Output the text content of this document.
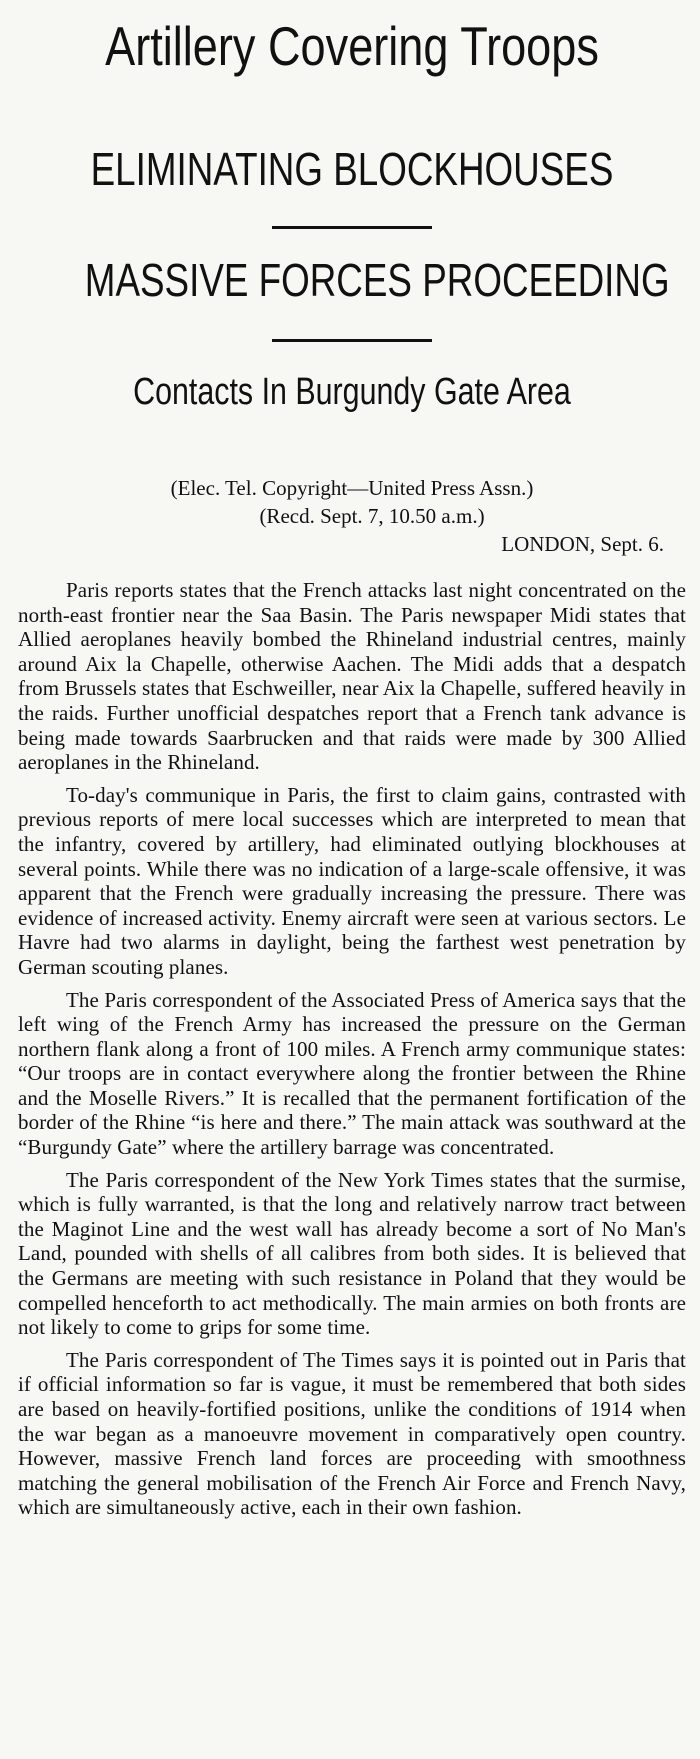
Artillery Covering Troops
ELIMINATING BLOCKHOUSES
MASSIVE FORCES PROCEEDING
Contacts In Burgundy Gate Area

(Elec. Tel. Copyright—United Press Assn.)

(Recd. Sept. 7, 10.50 a.m.)

LONDON, Sept. 6.

Paris reports states that the French attacks last night concentrated on the north-east frontier near the Saa Basin. The Paris newspaper Midi states that Allied aeroplanes heavily bombed the Rhineland industrial centres, mainly around Aix la Chapelle, otherwise Aachen. The Midi adds that a despatch from Brussels states that Eschweiller, near Aix la Chapelle, suffered heavily in the raids. Further unofficial despatches report that a French tank advance is being made towards Saarbrucken and that raids were made by 300 Allied aeroplanes in the Rhineland.

To-day's communique in Paris, the first to claim gains, contrasted with previous reports of mere local successes which are interpreted to mean that the infantry, covered by artillery, had eliminated outlying blockhouses at several points. While there was no indication of a large-scale offensive, it was apparent that the French were gradually increasing the pressure. There was evidence of increased activity. Enemy aircraft were seen at various sectors. Le Havre had two alarms in daylight, being the farthest west penetration by German scouting planes.

The Paris correspondent of the Associated Press of America says that the left wing of the French Army has increased the pressure on the German northern flank along a front of 100 miles. A French army communique states: “Our troops are in contact everywhere along the frontier between the Rhine and the Moselle Rivers.” It is recalled that the permanent fortification of the border of the Rhine “is here and there.” The main attack was southward at the “Burgundy Gate” where the artillery barrage was concentrated.

The Paris correspondent of the New York Times states that the surmise, which is fully warranted, is that the long and relatively narrow tract between the Maginot Line and the west wall has already become a sort of No Man's Land, pounded with shells of all calibres from both sides. It is believed that the Germans are meeting with such resistance in Poland that they would be compelled henceforth to act methodically. The main armies on both fronts are not likely to come to grips for some time.

The Paris correspondent of The Times says it is pointed out in Paris that if official information so far is vague, it must be remembered that both sides are based on heavily-fortified positions, unlike the conditions of 1914 when the war began as a manoeuvre movement in comparatively open country. However, massive French land forces are proceeding with smoothness matching the general mobilisation of the French Air Force and French Navy, which are simultaneously active, each in their own fashion.
